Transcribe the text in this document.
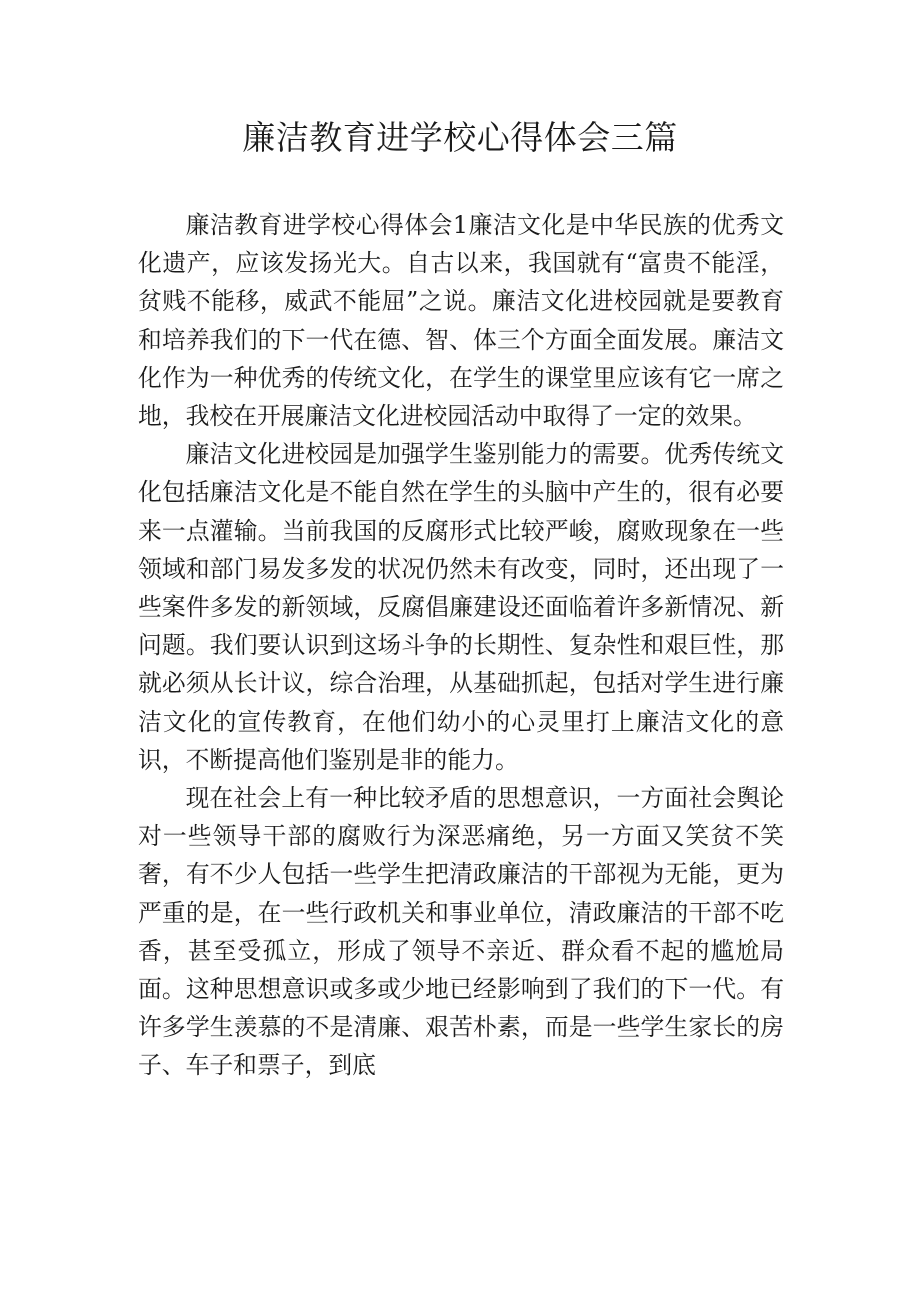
廉洁教育进学校心得体会三篇

廉洁教育进学校心得体会1廉洁文化是中华民族的优秀文化遗产，应该发扬光大。自古以来，我国就有“富贵不能淫，贫贱不能移，威武不能屈”之说。廉洁文化进校园就是要教育和培养我们的下一代在德、智、体三个方面全面发展。廉洁文化作为一种优秀的传统文化，在学生的课堂里应该有它一席之地，我校在开展廉洁文化进校园活动中取得了一定的效果。

廉洁文化进校园是加强学生鉴别能力的需要。优秀传统文化包括廉洁文化是不能自然在学生的头脑中产生的，很有必要来一点灌输。当前我国的反腐形式比较严峻，腐败现象在一些领域和部门易发多发的状况仍然未有改变，同时，还出现了一些案件多发的新领域，反腐倡廉建设还面临着许多新情况、新问题。我们要认识到这场斗争的长期性、复杂性和艰巨性，那就必须从长计议，综合治理，从基础抓起，包括对学生进行廉洁文化的宣传教育，在他们幼小的心灵里打上廉洁文化的意识，不断提高他们鉴别是非的能力。

现在社会上有一种比较矛盾的思想意识，一方面社会舆论对一些领导干部的腐败行为深恶痛绝，另一方面又笑贫不笑奢，有不少人包括一些学生把清政廉洁的干部视为无能，更为严重的是，在一些行政机关和事业单位，清政廉洁的干部不吃香，甚至受孤立，形成了领导不亲近、群众看不起的尴尬局面。这种思想意识或多或少地已经影响到了我们的下一代。有许多学生羡慕的不是清廉、艰苦朴素，而是一些学生家长的房子、车子和票子，到底
